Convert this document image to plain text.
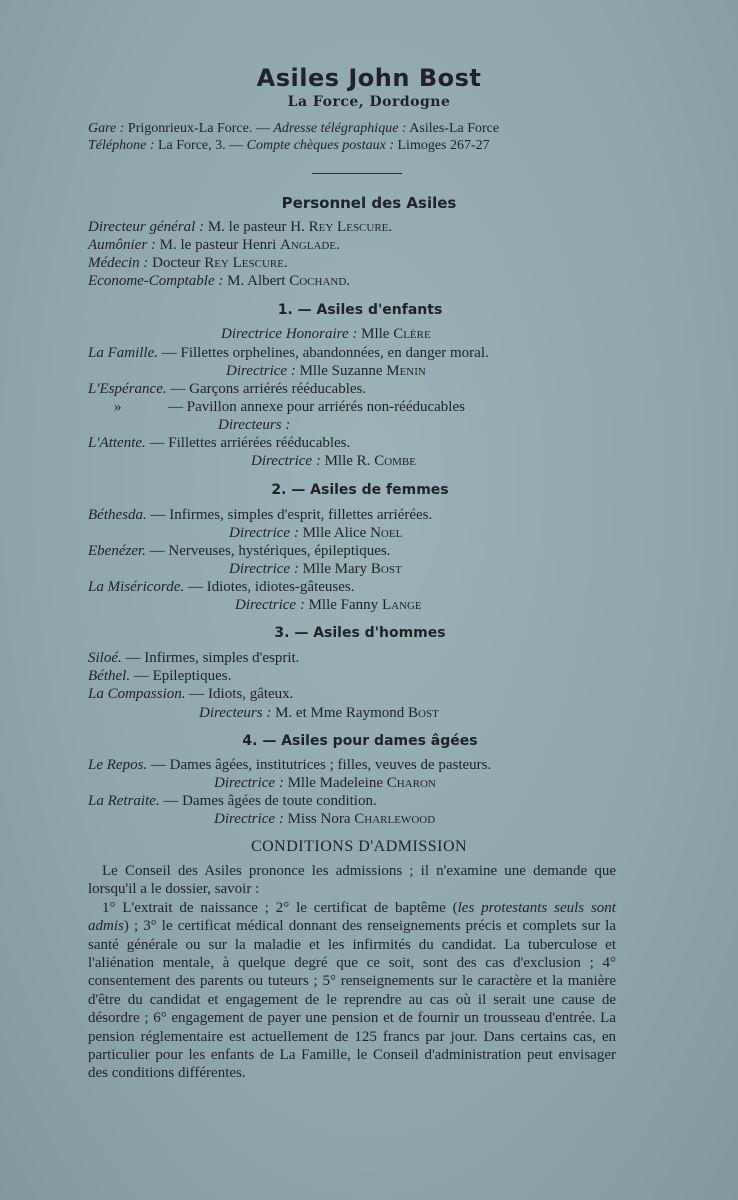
Asiles John Bost
La Force, Dordogne
Gare : Prigonrieux-La Force. — Adresse télégraphique : Asiles-La Force
Téléphone : La Force, 3. — Compte chèques postaux : Limoges 267-27
Personnel des Asiles
Directeur général : M. le pasteur H. Rey Lescure.
Aumônier : M. le pasteur Henri Anglade.
Médecin : Docteur Rey Lescure.
Econome-Comptable : M. Albert Cochand.
1. — Asiles d'enfants
Directrice Honoraire : Mlle Clère
La Famille. — Fillettes orphelines, abandonnées, en danger moral.
Directrice : Mlle Suzanne Menin
L'Espérance. — Garçons arriérés rééducables.
»	— Pavillon annexe pour arriérés non-rééducables
Directeurs :
L'Attente. — Fillettes arriérées rééducables.
Directrice : Mlle R. Combe
2. — Asiles de femmes
Béthesda. — Infirmes, simples d'esprit, fillettes arriérées.
Directrice : Mlle Alice Noel
Ebenézer. — Nerveuses, hystériques, épileptiques.
Directrice : Mlle Mary Bost
La Miséricorde. — Idiotes, idiotes-gâteuses.
Directrice : Mlle Fanny Lange
3. — Asiles d'hommes
Siloé. — Infirmes, simples d'esprit.
Béthel. — Epileptiques.
La Compassion. — Idiots, gâteux.
Directeurs : M. et Mme Raymond Bost
4. — Asiles pour dames âgées
Le Repos. — Dames âgées, institutrices ; filles, veuves de pasteurs.
Directrice : Mlle Madeleine Charon
La Retraite. — Dames âgées de toute condition.
Directrice : Miss Nora Charlewood
CONDITIONS D'ADMISSION
Le Conseil des Asiles prononce les admissions ; il n'examine une demande que lorsqu'il a le dossier, savoir :
1° L'extrait de naissance ; 2° le certificat de baptême (les protestants seuls sont admis) ; 3° le certificat médical donnant des renseignements précis et complets sur la santé générale ou sur la maladie et les infirmités du candidat. La tuberculose et l'aliénation mentale, à quelque degré que ce soit, sont des cas d'exclusion ; 4° consentement des parents ou tuteurs ; 5° renseignements sur le caractère et la manière d'être du candidat et engagement de le reprendre au cas où il serait une cause de désordre ; 6° engagement de payer une pension et de fournir un trousseau d'entrée. La pension réglementaire est actuellement de 125 francs par jour. Dans certains cas, en particulier pour les enfants de La Famille, le Conseil d'administration peut envisager des conditions différentes.
